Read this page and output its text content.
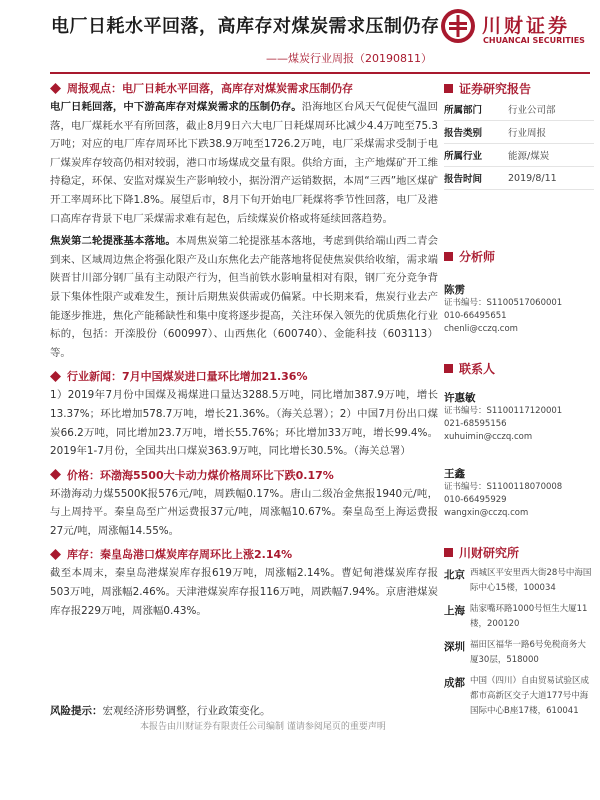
电厂日耗水平回落，高库存对煤炭需求压制仍存
——煤炭行业周报（20190811）
川财证券
CHUANCAI SECURITIES
周报观点：电厂日耗水平回落，高库存对煤炭需求压制仍存

电厂日耗回落，中下游高库存对煤炭需求的压制仍存。沿海地区台风天气促使气温回落，电厂煤耗水平有所回落，截止8月9日六大电厂日耗煤周环比减少4.4万吨至75.3万吨；对应的电厂库存周环比下跌38.9万吨至1726.2万吨，电厂采煤需求受制于电厂煤炭库存较高仍相对较弱，港口市场煤成交量有限。供给方面，主产地煤矿开工维持稳定，环保、安监对煤炭生产影响较小，据汾渭产运销数据，本周“三西”地区煤矿开工率周环比下降1.8%。展望后市，8月下旬开始电厂耗煤将季节性回落，电厂及港口高库存背景下电厂采煤需求难有起色，后续煤炭价格或将延续回落趋势。

焦炭第二轮提涨基本落地。本周焦炭第二轮提涨基本落地，考虑到供给端山西二青会到来、区域周边焦企将强化限产及山东焦化去产能落地将促使焦炭供给收缩，需求端陕晋甘川部分钢厂虽有主动限产行为，但当前铁水影响量相对有限，钢厂充分竞争背景下集体性限产或难发生，预计后期焦炭供需或仍偏紧。中长期来看，焦炭行业去产能逐步推进，焦化产能稀缺性和集中度将逐步提高，关注环保入领先的优质焦化行业标的，包括：开滦股份（600997）、山西焦化（600740）、金能科技（603113）等。

行业新闻：7月中国煤炭进口量环比增加21.36%

1）2019年7月份中国煤及褐煤进口量达3288.5万吨，同比增加387.9万吨，增长13.37%；环比增加578.7万吨，增长21.36%。（海关总署）；2）中国7月份出口煤炭66.2万吨，同比增加23.7万吨，增长55.76%；环比增加33万吨，增长99.4%。2019年1-7月份，全国共出口煤炭363.9万吨，同比增长30.5%。（海关总署）

价格：环渤海5500大卡动力煤价格周环比下跌0.17%

环渤海动力煤5500K报576元/吨，周跌幅0.17%。唐山二级冶金焦报1940元/吨，与上周持平。秦皇岛至广州运费报37元/吨，周涨幅10.67%。秦皇岛至上海运费报27元/吨，周涨幅14.55%。

库存：秦皇岛港口煤炭库存周环比上涨2.14%

截至本周末，秦皇岛港煤炭库存报619万吨，周涨幅2.14%。曹妃甸港煤炭库存报503万吨，周涨幅2.46%。天津港煤炭库存报116万吨，周跌幅7.94%。京唐港煤炭库存报229万吨，周涨幅0.43%。

风险提示：宏观经济形势调整，行业政策变化。
证券研究报告
所属部门	行业公司部
报告类别	行业周报
所属行业	能源/煤炭
报告时间	2019/8/11
分析师
陈雳
证书编号：S1100517060001
010-66495651
chenli@cczq.com
联系人
许惠敏
证书编号：S1100117120001
021-68595156
xuhuimin@cczq.com
王鑫
证书编号：S1100118070008
010-66495929
wangxin@cczq.com
川财研究所
北京 西城区平安里西大街28号中海国际中心15楼，100034
上海 陆家嘴环路1000号恒生大厦11楼，200120
深圳 福田区福华一路6号免税商务大厦30层，518000
成都 中国（四川）自由贸易试验区成都市高新区交子大道177号中海国际中心B座17楼，610041
本报告由川财证券有限责任公司编制 谨请参阅尾页的重要声明
